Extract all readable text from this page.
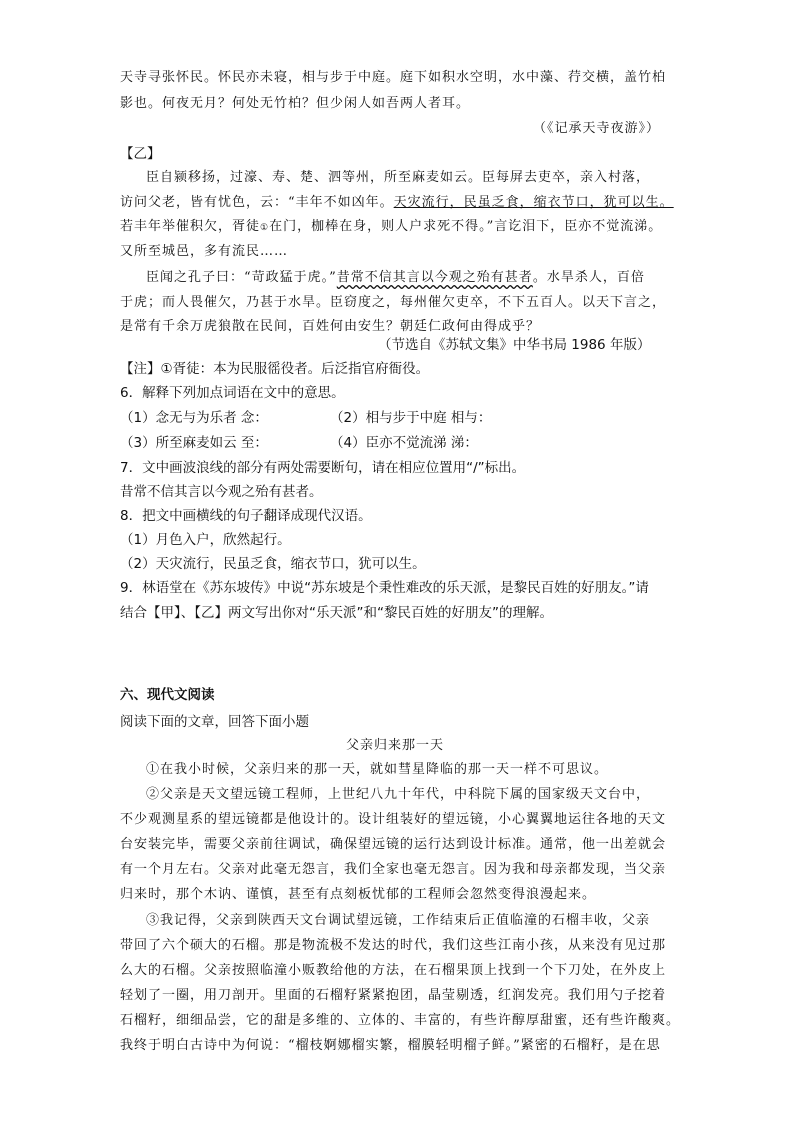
天寺寻张怀民。怀民亦未寝，相与步于中庭。庭下如积水空明，水中藻、荇交横，盖竹柏
影也。何夜无月？何处无竹柏？但少闲人如吾两人者耳。
（《记承天寺夜游》）
【乙】
臣自颍移扬，过濠、寿、楚、泗等州，所至麻麦如云。臣每屏去吏卒，亲入村落，
访问父老，皆有忧色，云：“丰年不如凶年。天灾流行，民虽乏食，缩衣节口，犹可以生。
若丰年举催积欠，胥徒①在门，枷棒在身，则人户求死不得。”言讫泪下，臣亦不觉流涕。
又所至城邑，多有流民……
臣闻之孔子曰：“苛政猛于虎。”昔常不信其言以今观之殆有甚者。水旱杀人，百倍
于虎；而人畏催欠，乃甚于水旱。臣窃度之，每州催欠吏卒，不下五百人。以天下言之，
是常有千余万虎狼散在民间，百姓何由安生？朝廷仁政何由得成乎？
（节选自《苏轼文集》中华书局 1986 年版）
【注】①胥徒：本为民服徭役者。后泛指官府衙役。
6．解释下列加点词语在文中的意思。
（1）念无与为乐者 念：	（2）相与步于中庭 相与：
（3）所至麻麦如云 至：	（4）臣亦不觉流涕 涕：
7．文中画波浪线的部分有两处需要断句，请在相应位置用“/”标出。
昔常不信其言以今观之殆有甚者。
8．把文中画横线的句子翻译成现代汉语。
（1）月色入户，欣然起行。
（2）天灾流行，民虽乏食，缩衣节口，犹可以生。
9．林语堂在《苏东坡传》中说“苏东坡是个秉性难改的乐天派，是黎民百姓的好朋友。”请
结合【甲】、【乙】两文写出你对“乐天派”和“黎民百姓的好朋友”的理解。
六、现代文阅读
阅读下面的文章，回答下面小题
父亲归来那一天
①在我小时候，父亲归来的那一天，就如彗星降临的那一天一样不可思议。
②父亲是天文望远镜工程师，上世纪八九十年代，中科院下属的国家级天文台中，
不少观测星系的望远镜都是他设计的。设计组装好的望远镜，小心翼翼地运往各地的天文
台安装完毕，需要父亲前往调试，确保望远镜的运行达到设计标准。通常，他一出差就会
有一个月左右。父亲对此毫无怨言，我们全家也毫无怨言。因为我和母亲都发现，当父亲
归来时，那个木讷、谨慎，甚至有点刻板忧郁的工程师会忽然变得浪漫起来。
③我记得，父亲到陕西天文台调试望远镜，工作结束后正值临潼的石榴丰收，父亲
带回了六个硕大的石榴。那是物流极不发达的时代，我们这些江南小孩，从来没有见过那
么大的石榴。父亲按照临潼小贩教给他的方法，在石榴果顶上找到一个下刀处，在外皮上
轻划了一圈，用刀剖开。里面的石榴籽紧紧抱团，晶莹剔透，红润发亮。我们用勺子挖着
石榴籽，细细品尝，它的甜是多维的、立体的、丰富的，有些许醇厚甜蜜，还有些许酸爽。
我终于明白古诗中为何说：“榴枝婀娜榴实繁，榴膜轻明榴子鲜。”紧密的石榴籽，是在思
